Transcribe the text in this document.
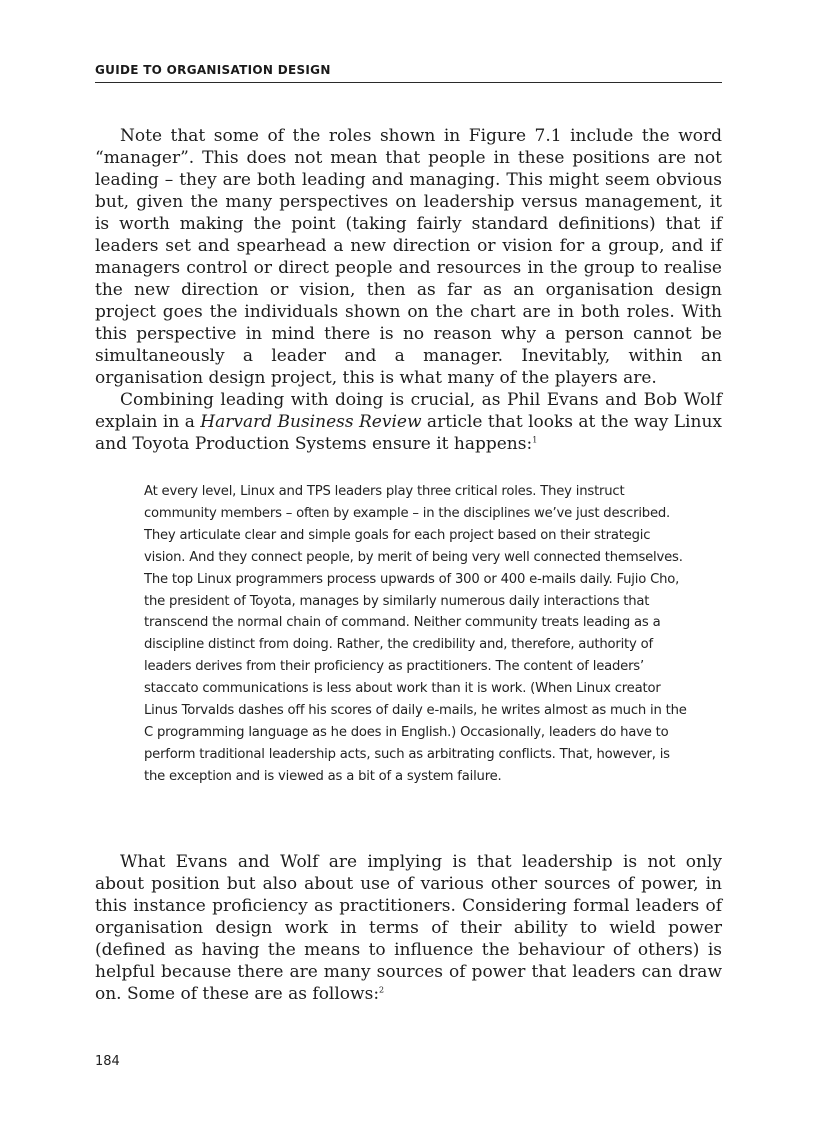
GUIDE TO ORGANISATION DESIGN

Note that some of the roles shown in Figure 7.1 include the word “manager”. This does not mean that people in these positions are not leading – they are both leading and managing. This might seem obvious but, given the many perspectives on leadership versus management, it is worth making the point (taking fairly standard definitions) that if leaders set and spearhead a new direction or vision for a group, and if managers control or direct people and resources in the group to realise the new direction or vision, then as far as an organisation design project goes the individuals shown on the chart are in both roles. With this perspective in mind there is no reason why a person cannot be simultaneously a leader and a manager. Inevitably, within an organisation design project, this is what many of the players are.

Combining leading with doing is crucial, as Phil Evans and Bob Wolf explain in a Harvard Business Review article that looks at the way Linux and Toyota Production Systems ensure it happens:$^1$

At every level, Linux and TPS leaders play three critical roles. They instruct community members – often by example – in the disciplines we’ve just described. They articulate clear and simple goals for each project based on their strategic vision. And they connect people, by merit of being very well connected themselves. The top Linux programmers process upwards of 300 or 400 e-mails daily. Fujio Cho, the president of Toyota, manages by similarly numerous daily interactions that transcend the normal chain of command. Neither community treats leading as a discipline distinct from doing. Rather, the credibility and, therefore, authority of leaders derives from their proficiency as practitioners. The content of leaders’ staccato communications is less about work than it is work. (When Linux creator Linus Torvalds dashes off his scores of daily e-mails, he writes almost as much in the C programming language as he does in English.) Occasionally, leaders do have to perform traditional leadership acts, such as arbitrating conflicts. That, however, is the exception and is viewed as a bit of a system failure.

What Evans and Wolf are implying is that leadership is not only about position but also about use of various other sources of power, in this instance proficiency as practitioners. Considering formal leaders of organisation design work in terms of their ability to wield power (defined as having the means to influence the behaviour of others) is helpful because there are many sources of power that leaders can draw on. Some of these are as follows:$^2$

184
